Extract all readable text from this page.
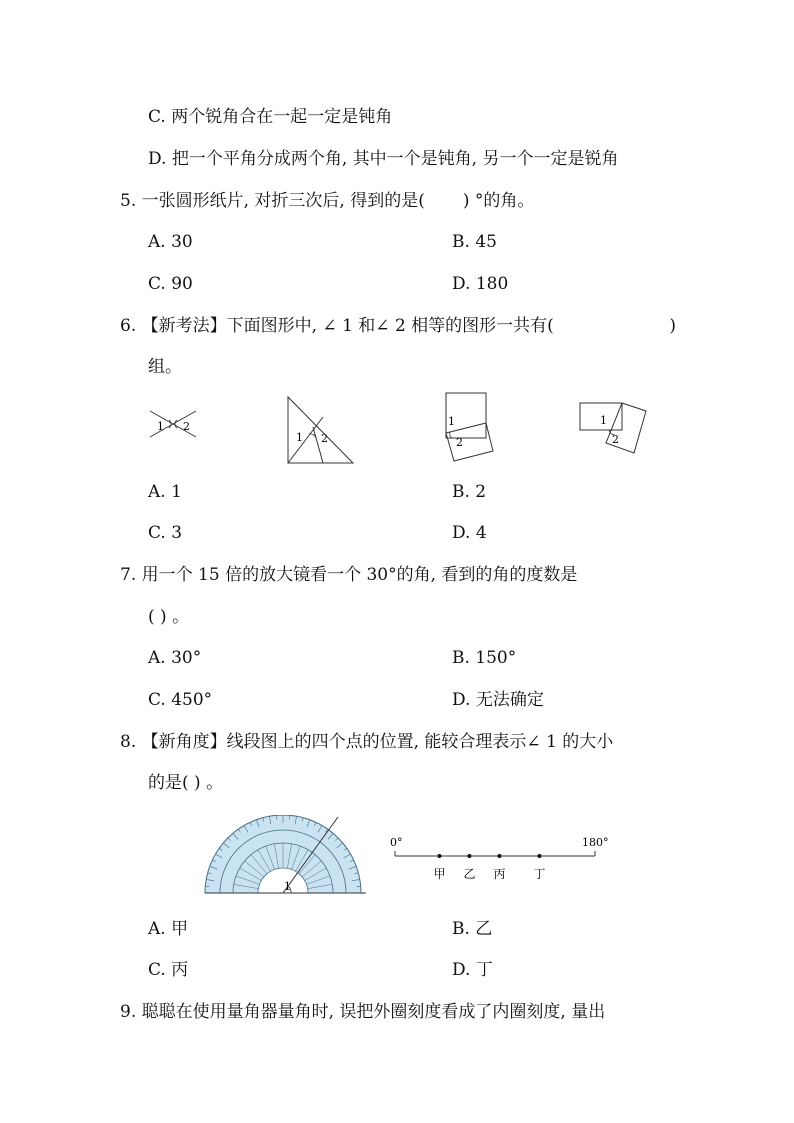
C. 两个锐角合在一起一定是钝角
D. 把一个平角分成两个角, 其中一个是钝角, 另一个一定是锐角
5. 一张圆形纸片, 对折三次后, 得到的是( ) °的角。
A. 30	B. 45
C. 90	D. 180
6. 【新考法】下面图形中, ∠ 1 和∠ 2 相等的图形一共有(	)
组。
1 2
1 2
1
2
1
2
A. 1	B. 2
C. 3	D. 4
7. 用一个 15 倍的放大镜看一个 30°的角, 看到的角的度数是
( ) 。
A. 30°	B. 150°
C. 450°	D. 无法确定
8. 【新角度】线段图上的四个点的位置, 能较合理表示∠ 1 的大小
的是( ) 。
1
0°	180°
甲 乙 丙 丁
A. 甲	B. 乙
C. 丙	D. 丁
9. 聪聪在使用量角器量角时, 误把外圈刻度看成了内圈刻度, 量出
